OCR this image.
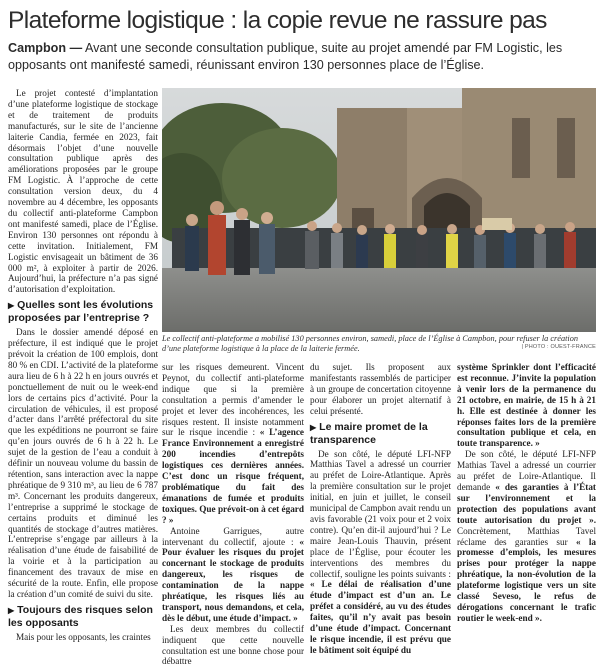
Plateforme logistique : la copie revue ne rassure pas

Campbon — Avant une seconde consultation publique, suite au projet amendé par FM Logistic, les opposants ont manifesté samedi, réunissant environ 130 personnes place de l’Église.

Le projet contesté d’implantation d’une plateforme logistique de stockage et de traitement de produits manufacturés, sur le site de l’ancienne laiterie Candia, fermée en 2023, fait désormais l’objet d’une nouvelle consultation publique après des améliorations proposées par le groupe FM Logistic. À l’approche de cette consultation version deux, du 4 novembre au 4 décembre, les opposants du collectif anti-plateforme Campbon ont manifesté samedi, place de l’Église. Environ 130 personnes ont répondu à cette invitation. Initialement, FM Logistic envisageait un bâtiment de 36 000 m², à exploiter à partir de 2026. Aujourd’hui, la préfecture n’a pas signé d’autorisation d’exploitation.

▶ Quelles sont les évolutions proposées par l’entreprise ?

Dans le dossier amendé déposé en préfecture, il est indiqué que le projet prévoit la création de 100 emplois, dont 80 % en CDI. L’activité de la plateforme aura lieu de 6 h à 22 h en jours ouvrés et ponctuellement de nuit ou le week-end lors de certains pics d’activité. Pour la circulation de véhicules, il est proposé d’acter dans l’arrêté préfectoral du site que les expéditions ne pourront se faire qu’en jours ouvrés de 6 h à 22 h. Le sujet de la gestion de l’eau a conduit à définir un nouveau volume du bassin de rétention, sans interaction avec la nappe phréatique de 9 310 m³, au lieu de 6 787 m³. Concernant les produits dangereux, l’entreprise a supprimé le stockage de certains produits et diminué les quantités de stockage d’autres matières. L’entreprise s’engage par ailleurs à la réalisation d’une étude de faisabilité de la voirie et à la participation au financement des travaux de mise en sécurité de la route. Enfin, elle propose la création d’un comité de suivi du site.

▶ Toujours des risques selon les opposants

Mais pour les opposants, les craintes

Le collectif anti-plateforme a mobilisé 130 personnes environ, samedi, place de l’Église à Campbon, pour refuser la création d’une plateforme logistique à la place de la laiterie fermée.	| PHOTO : OUEST-FRANCE

sur les risques demeurent. Vincent Peynot, du collectif anti-plateforme indique que si la première consultation a permis d’amender le projet et lever des incohérences, les risques restent. Il insiste notamment sur le risque incendie : « L’agence France Environnement a enregistré 200 incendies d’entrepôts logistiques ces dernières années. C’est donc un risque fréquent, problématique du fait des émanations de fumée et produits toxiques. Que prévoit-on à cet égard ? »

Antoine Garrigues, autre intervenant du collectif, ajoute : « Pour évaluer les risques du projet concernant le stockage de produits dangereux, les risques de contamination de la nappe phréatique, les risques liés au transport, nous demandons, et cela, dès le début, une étude d’impact. »

Les deux membres du collectif indiquent que cette nouvelle consultation est une bonne chose pour débattre

du sujet. Ils proposent aux manifestants rassemblés de participer à un groupe de concertation citoyenne pour élaborer un projet alternatif à celui présenté.

▶ Le maire promet de la transparence

De son côté, le député LFI-NFP Matthias Tavel a adressé un courrier au préfet de Loire-Atlantique. Après la première consultation sur le projet initial, en juin et juillet, le conseil municipal de Campbon avait rendu un avis favorable (21 voix pour et 2 voix contre). Qu’en dit-il aujourd’hui ? Le maire Jean-Louis Thauvin, présent place de l’Église, pour écouter les interventions des membres du collectif, souligne les points suivants : « Le délai de réalisation d’une étude d’impact est d’un an. Le préfet a considéré, au vu des études faites, qu’il n’y avait pas besoin d’une étude d’impact. Concernant le risque incendie, il est prévu que le bâtiment soit équipé du

système Sprinkler dont l’efficacité est reconnue. J’invite la population à venir lors de la permanence du 21 octobre, en mairie, de 15 h à 21 h. Elle est destinée à donner les réponses faites lors de la première consultation publique et cela, en toute transparence. »

De son côté, le député LFI-NFP Mathias Tavel a adressé un courrier au préfet de Loire-Atlantique. Il demande « des garanties à l’État sur l’environnement et la protection des populations avant toute autorisation du projet ». Concrètement, Matthias Tavel réclame des garanties sur « la promesse d’emplois, les mesures prises pour protéger la nappe phréatique, la non-évolution de la plateforme logistique vers un site classé Seveso, le refus de dérogations concernant le trafic routier le week-end ».
